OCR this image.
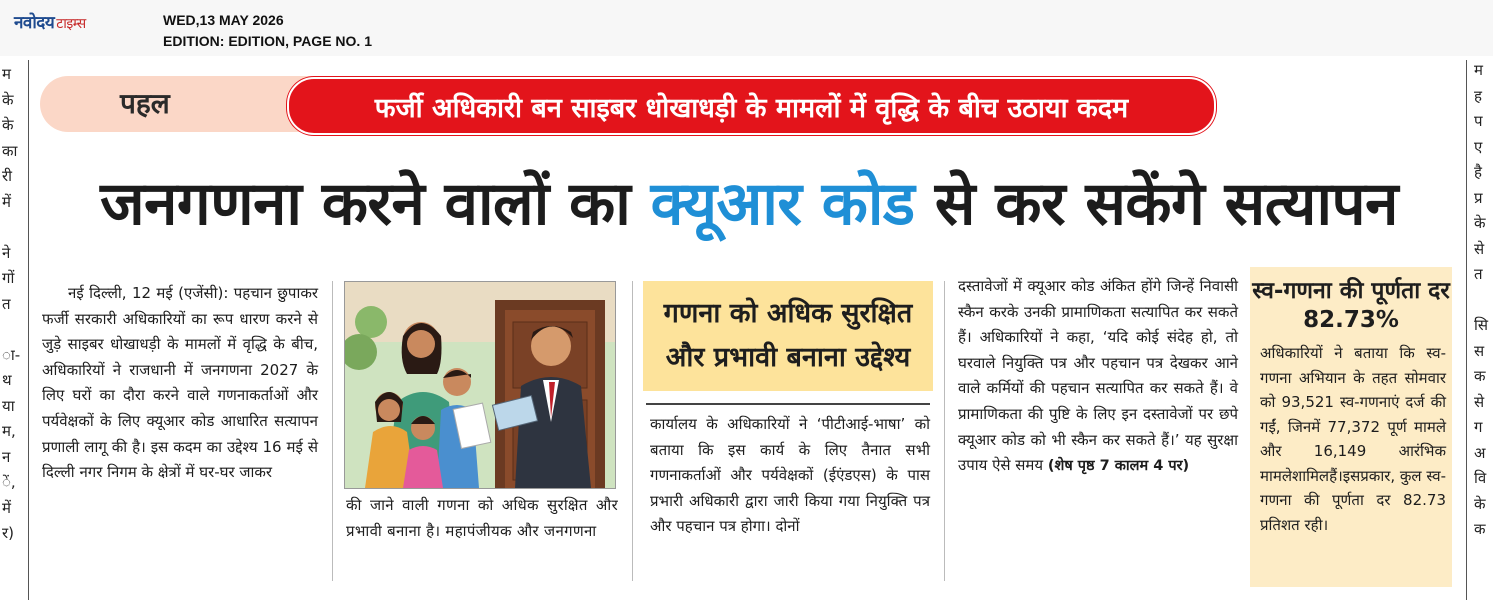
नवोदय टाइम्स	WED,13 MAY 2026
EDITION: EDITION, PAGE NO. 1
म
के
के
का
री
में
ने
गों
त
ा-
थ
या
म,
न
ें,
में
र)
म
ह
प
ए
है
प्र
के
से
त
सि
स
क
से
ग
अ
वि
के
क
पहल	फर्जी अधिकारी बन साइबर धोखाधड़ी के मामलों में वृद्धि के बीच उठाया कदम
जनगणना करने वालों का क्यूआर कोड से कर सकेंगे सत्यापन
नई दिल्ली, 12 मई (एजेंसी): पहचान छुपाकर फर्जी सरकारी अधिकारियों का रूप धारण करने से जुड़े साइबर धोखाधड़ी के मामलों में वृद्धि के बीच, अधिकारियों ने राजधानी में जनगणना 2027 के लिए घरों का दौरा करने वाले गणनाकर्ताओं और पर्यवेक्षकों के लिए क्यूआर कोड आधारित सत्यापन प्रणाली लागू की है। इस कदम का उद्देश्य 16 मई से दिल्ली नगर निगम के क्षेत्रों में घर-घर जाकर
की जाने वाली गणना को अधिक सुरक्षित और प्रभावी बनाना है। महापंजीयक और जनगणना
गणना को अधिक सुरक्षित और प्रभावी बनाना उद्देश्य
कार्यालय के अधिकारियों ने ‘पीटीआई-भाषा’ को बताया कि इस कार्य के लिए तैनात सभी गणनाकर्ताओं और पर्यवेक्षकों (ईएंडएस) के पास प्रभारी अधिकारी द्वारा जारी किया गया नियुक्ति पत्र और पहचान पत्र होगा। दोनों
दस्तावेजों में क्यूआर कोड अंकित होंगे जिन्हें निवासी स्कैन करके उनकी प्रामाणिकता सत्यापित कर सकते हैं। अधिकारियों ने कहा, ‘यदि कोई संदेह हो, तो घरवाले नियुक्ति पत्र और पहचान पत्र देखकर आने वाले कर्मियों की पहचान सत्यापित कर सकते हैं। वे प्रामाणिकता की पुष्टि के लिए इन दस्तावेजों पर छपे क्यूआर कोड को भी स्कैन कर सकते हैं।’ यह सुरक्षा उपाय ऐसे समय (शेष पृष्ठ 7 कालम 4 पर)
स्व-गणना की पूर्णता दर 82.73%
अधिकारियों ने बताया कि स्व-गणना अभियान के तहत सोमवार को 93,521 स्व-गणनाएं दर्ज की गईं, जिनमें 77,372 पूर्ण मामले और 16,149 आरंभिक मामलेशामिलहैं।इसप्रकार, कुल स्व-गणना की पूर्णता दर 82.73 प्रतिशत रही।
